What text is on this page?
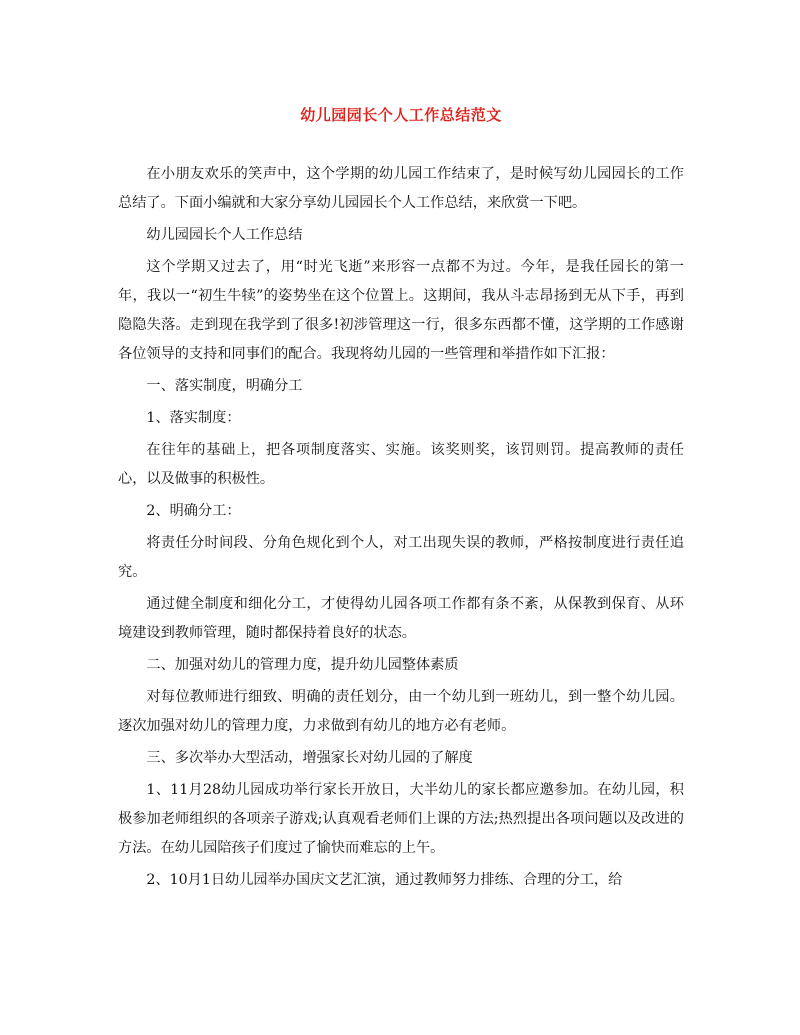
幼儿园园长个人工作总结范文

在小朋友欢乐的笑声中，这个学期的幼儿园工作结束了，是时候写幼儿园园长的工作总结了。下面小编就和大家分享幼儿园园长个人工作总结，来欣赏一下吧。

幼儿园园长个人工作总结

这个学期又过去了，用“时光飞逝”来形容一点都不为过。今年，是我任园长的第一年，我以一“初生牛犊”的姿势坐在这个位置上。这期间，我从斗志昂扬到无从下手，再到隐隐失落。走到现在我学到了很多!初涉管理这一行，很多东西都不懂，这学期的工作感谢各位领导的支持和同事们的配合。我现将幼儿园的一些管理和举措作如下汇报：

一、落实制度，明确分工

1、落实制度：

在往年的基础上，把各项制度落实、实施。该奖则奖，该罚则罚。提高教师的责任心，以及做事的积极性。

2、明确分工：

将责任分时间段、分角色规化到个人，对工出现失误的教师，严格按制度进行责任追究。

通过健全制度和细化分工，才使得幼儿园各项工作都有条不紊，从保教到保育、从环境建设到教师管理，随时都保持着良好的状态。

二、加强对幼儿的管理力度，提升幼儿园整体素质

对每位教师进行细致、明确的责任划分，由一个幼儿到一班幼儿，到一整个幼儿园。逐次加强对幼儿的管理力度，力求做到有幼儿的地方必有老师。

三、多次举办大型活动，增强家长对幼儿园的了解度

1、11月28幼儿园成功举行家长开放日，大半幼儿的家长都应邀参加。在幼儿园，积极参加老师组织的各项亲子游戏;认真观看老师们上课的方法;热烈提出各项问题以及改进的方法。在幼儿园陪孩子们度过了愉快而难忘的上午。

2、10月1日幼儿园举办国庆文艺汇演，通过教师努力排练、合理的分工，给
